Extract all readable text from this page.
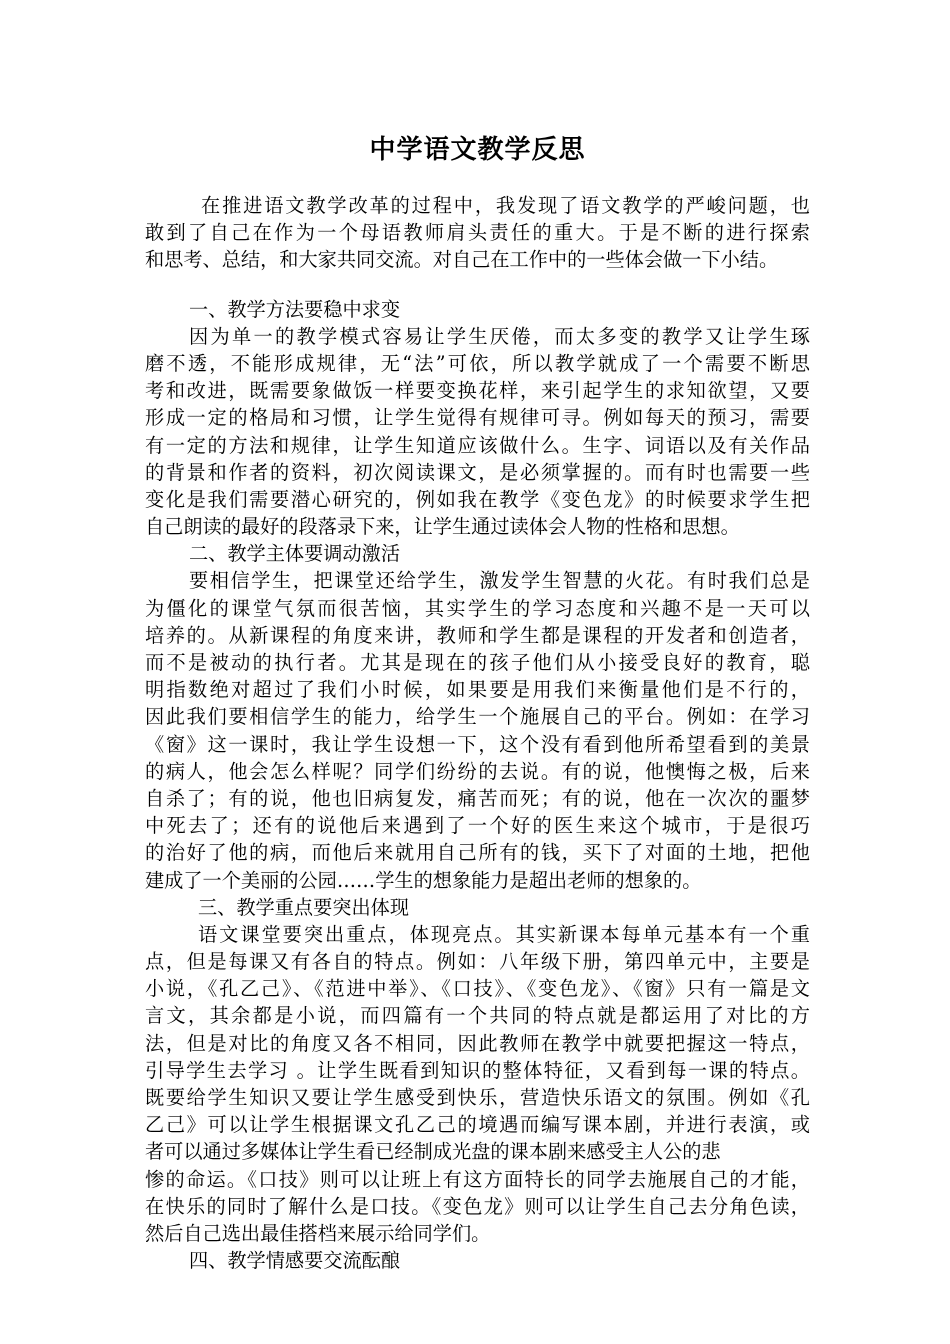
中学语文教学反思
在推进语文教学改革的过程中，我发现了语文教学的严峻问题，也
敢到了自己在作为一个母语教师肩头责任的重大。于是不断的进行探索
和思考、总结，和大家共同交流。对自己在工作中的一些体会做一下小结。
一、教学方法要稳中求变
因为单一的教学模式容易让学生厌倦，而太多变的教学又让学生琢
磨不透，不能形成规律，无“法”可依，所以教学就成了一个需要不断思
考和改进，既需要象做饭一样要变换花样，来引起学生的求知欲望，又要
形成一定的格局和习惯，让学生觉得有规律可寻。例如每天的预习，需要
有一定的方法和规律，让学生知道应该做什么。生字、词语以及有关作品
的背景和作者的资料，初次阅读课文，是必须掌握的。而有时也需要一些
变化是我们需要潜心研究的，例如我在教学《变色龙》的时候要求学生把
自己朗读的最好的段落录下来，让学生通过读体会人物的性格和思想。
二、教学主体要调动激活
要相信学生，把课堂还给学生，激发学生智慧的火花。有时我们总是
为僵化的课堂气氛而很苦恼，其实学生的学习态度和兴趣不是一天可以
培养的。从新课程的角度来讲，教师和学生都是课程的开发者和创造者，
而不是被动的执行者。尤其是现在的孩子他们从小接受良好的教育，聪
明指数绝对超过了我们小时候，如果要是用我们来衡量他们是不行的，
因此我们要相信学生的能力，给学生一个施展自己的平台。例如：在学习
《窗》这一课时，我让学生设想一下，这个没有看到他所希望看到的美景
的病人，他会怎么样呢？同学们纷纷的去说。有的说，他懊悔之极，后来
自杀了；有的说，他也旧病复发，痛苦而死；有的说，他在一次次的噩梦
中死去了；还有的说他后来遇到了一个好的医生来这个城市，于是很巧
的治好了他的病，而他后来就用自己所有的钱，买下了对面的土地，把他
建成了一个美丽的公园……学生的想象能力是超出老师的想象的。
三、教学重点要突出体现
语文课堂要突出重点，体现亮点。其实新课本每单元基本有一个重
点，但是每课又有各自的特点。例如：八年级下册，第四单元中，主要是
小说，《孔乙己》、《范进中举》、《口技》、《变色龙》、《窗》只有一篇是文
言文，其余都是小说，而四篇有一个共同的特点就是都运用了对比的方
法，但是对比的角度又各不相同，因此教师在教学中就要把握这一特点，
引导学生去学习 。让学生既看到知识的整体特征，又看到每一课的特点。
既要给学生知识又要让学生感受到快乐，营造快乐语文的氛围。例如《孔
乙己》可以让学生根据课文孔乙己的境遇而编写课本剧，并进行表演，或
者可以通过多媒体让学生看已经制成光盘的课本剧来感受主人公的悲
惨的命运。《口技》则可以让班上有这方面特长的同学去施展自己的才能，
在快乐的同时了解什么是口技。《变色龙》则可以让学生自己去分角色读，
然后自己选出最佳搭档来展示给同学们。
四、教学情感要交流酝酿
